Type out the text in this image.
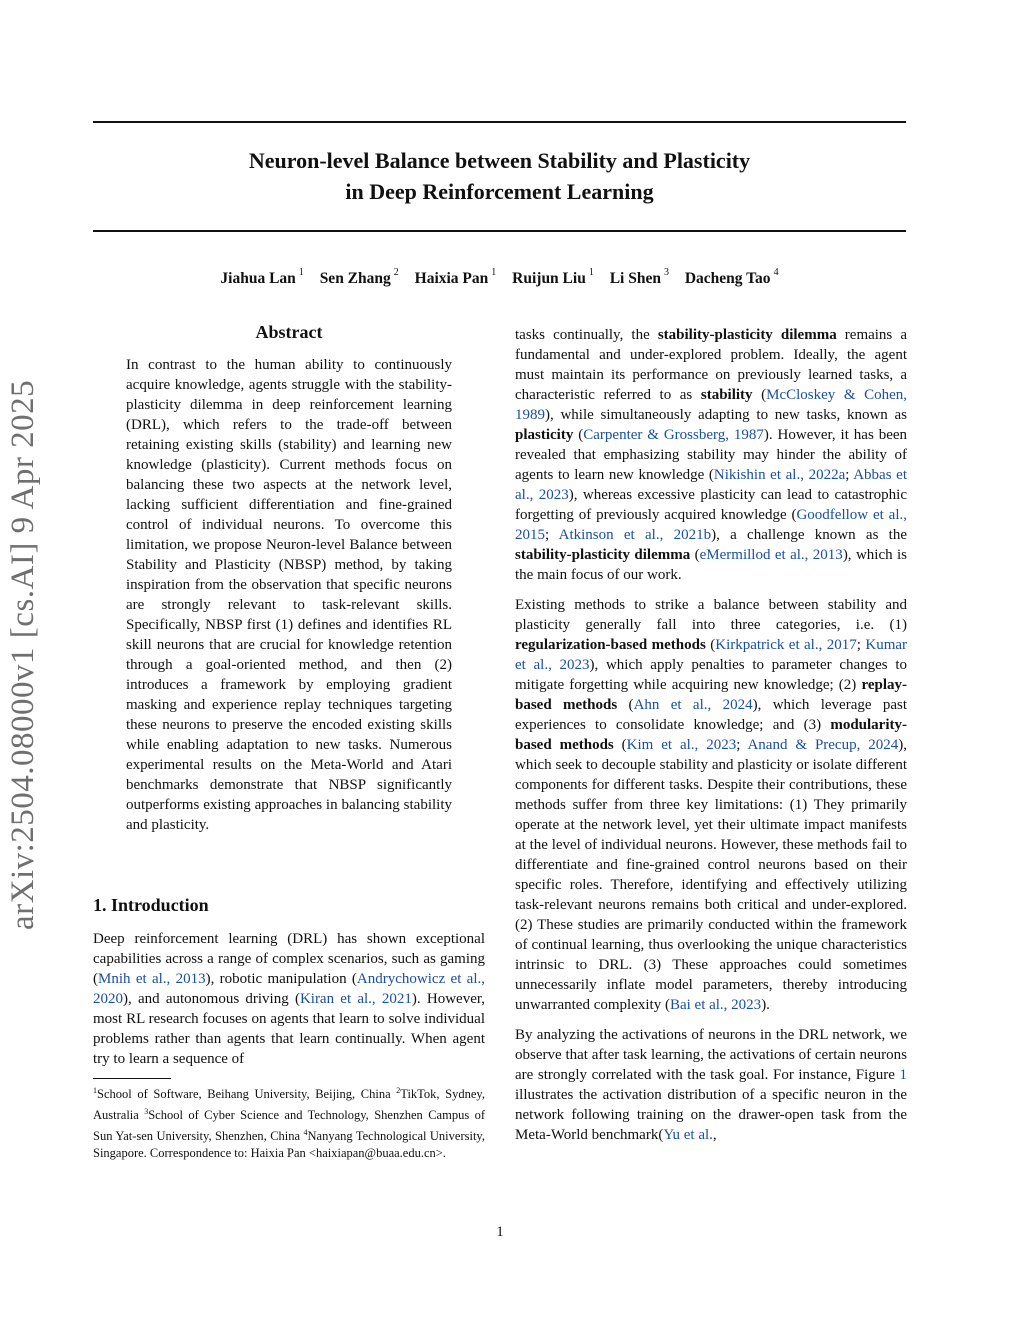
Neuron-level Balance between Stability and Plasticity
in Deep Reinforcement Learning
Jiahua Lan $^1$ Sen Zhang $^2$ Haixia Pan $^1$ Ruijun Liu $^1$ Li Shen $^3$ Dacheng Tao $^4$
arXiv:2504.08000v1 [cs.AI] 9 Apr 2025
Abstract
In contrast to the human ability to continuously acquire knowledge, agents struggle with the stability-plasticity dilemma in deep reinforcement learning (DRL), which refers to the trade-off between retaining existing skills (stability) and learning new knowledge (plasticity). Current methods focus on balancing these two aspects at the network level, lacking sufficient differentiation and fine-grained control of individual neurons. To overcome this limitation, we propose Neuron-level Balance between Stability and Plasticity (NBSP) method, by taking inspiration from the observation that specific neurons are strongly relevant to task-relevant skills. Specifically, NBSP first (1) defines and identifies RL skill neurons that are crucial for knowledge retention through a goal-oriented method, and then (2) introduces a framework by employing gradient masking and experience replay techniques targeting these neurons to preserve the encoded existing skills while enabling adaptation to new tasks. Numerous experimental results on the Meta-World and Atari benchmarks demonstrate that NBSP significantly outperforms existing approaches in balancing stability and plasticity.
1. Introduction
Deep reinforcement learning (DRL) has shown exceptional capabilities across a range of complex scenarios, such as gaming (Mnih et al., 2013), robotic manipulation (Andrychowicz et al., 2020), and autonomous driving (Kiran et al., 2021). However, most RL research focuses on agents that learn to solve individual problems rather than agents that learn continually. When agent try to learn a sequence of
$^1$School of Software, Beihang University, Beijing, China $^2$TikTok, Sydney, Australia $^3$School of Cyber Science and Technology, Shenzhen Campus of Sun Yat-sen University, Shenzhen, China $^4$Nanyang Technological University, Singapore. Correspondence to: Haixia Pan <haixiapan@buaa.edu.cn>.

tasks continually, the stability-plasticity dilemma remains a fundamental and under-explored problem. Ideally, the agent must maintain its performance on previously learned tasks, a characteristic referred to as stability (McCloskey & Cohen, 1989), while simultaneously adapting to new tasks, known as plasticity (Carpenter & Grossberg, 1987). However, it has been revealed that emphasizing stability may hinder the ability of agents to learn new knowledge (Nikishin et al., 2022a; Abbas et al., 2023), whereas excessive plasticity can lead to catastrophic forgetting of previously acquired knowledge (Goodfellow et al., 2015; Atkinson et al., 2021b), a challenge known as the stability-plasticity dilemma (eMermillod et al., 2013), which is the main focus of our work.

Existing methods to strike a balance between stability and plasticity generally fall into three categories, i.e. (1) regularization-based methods (Kirkpatrick et al., 2017; Kumar et al., 2023), which apply penalties to parameter changes to mitigate forgetting while acquiring new knowledge; (2) replay-based methods (Ahn et al., 2024), which leverage past experiences to consolidate knowledge; and (3) modularity-based methods (Kim et al., 2023; Anand & Precup, 2024), which seek to decouple stability and plasticity or isolate different components for different tasks. Despite their contributions, these methods suffer from three key limitations: (1) They primarily operate at the network level, yet their ultimate impact manifests at the level of individual neurons. However, these methods fail to differentiate and fine-grained control neurons based on their specific roles. Therefore, identifying and effectively utilizing task-relevant neurons remains both critical and under-explored. (2) These studies are primarily conducted within the framework of continual learning, thus overlooking the unique characteristics intrinsic to DRL. (3) These approaches could sometimes unnecessarily inflate model parameters, thereby introducing unwarranted complexity (Bai et al., 2023).

By analyzing the activations of neurons in the DRL network, we observe that after task learning, the activations of certain neurons are strongly correlated with the task goal. For instance, Figure 1 illustrates the activation distribution of a specific neuron in the network following training on the drawer-open task from the Meta-World benchmark(Yu et al.,

1
